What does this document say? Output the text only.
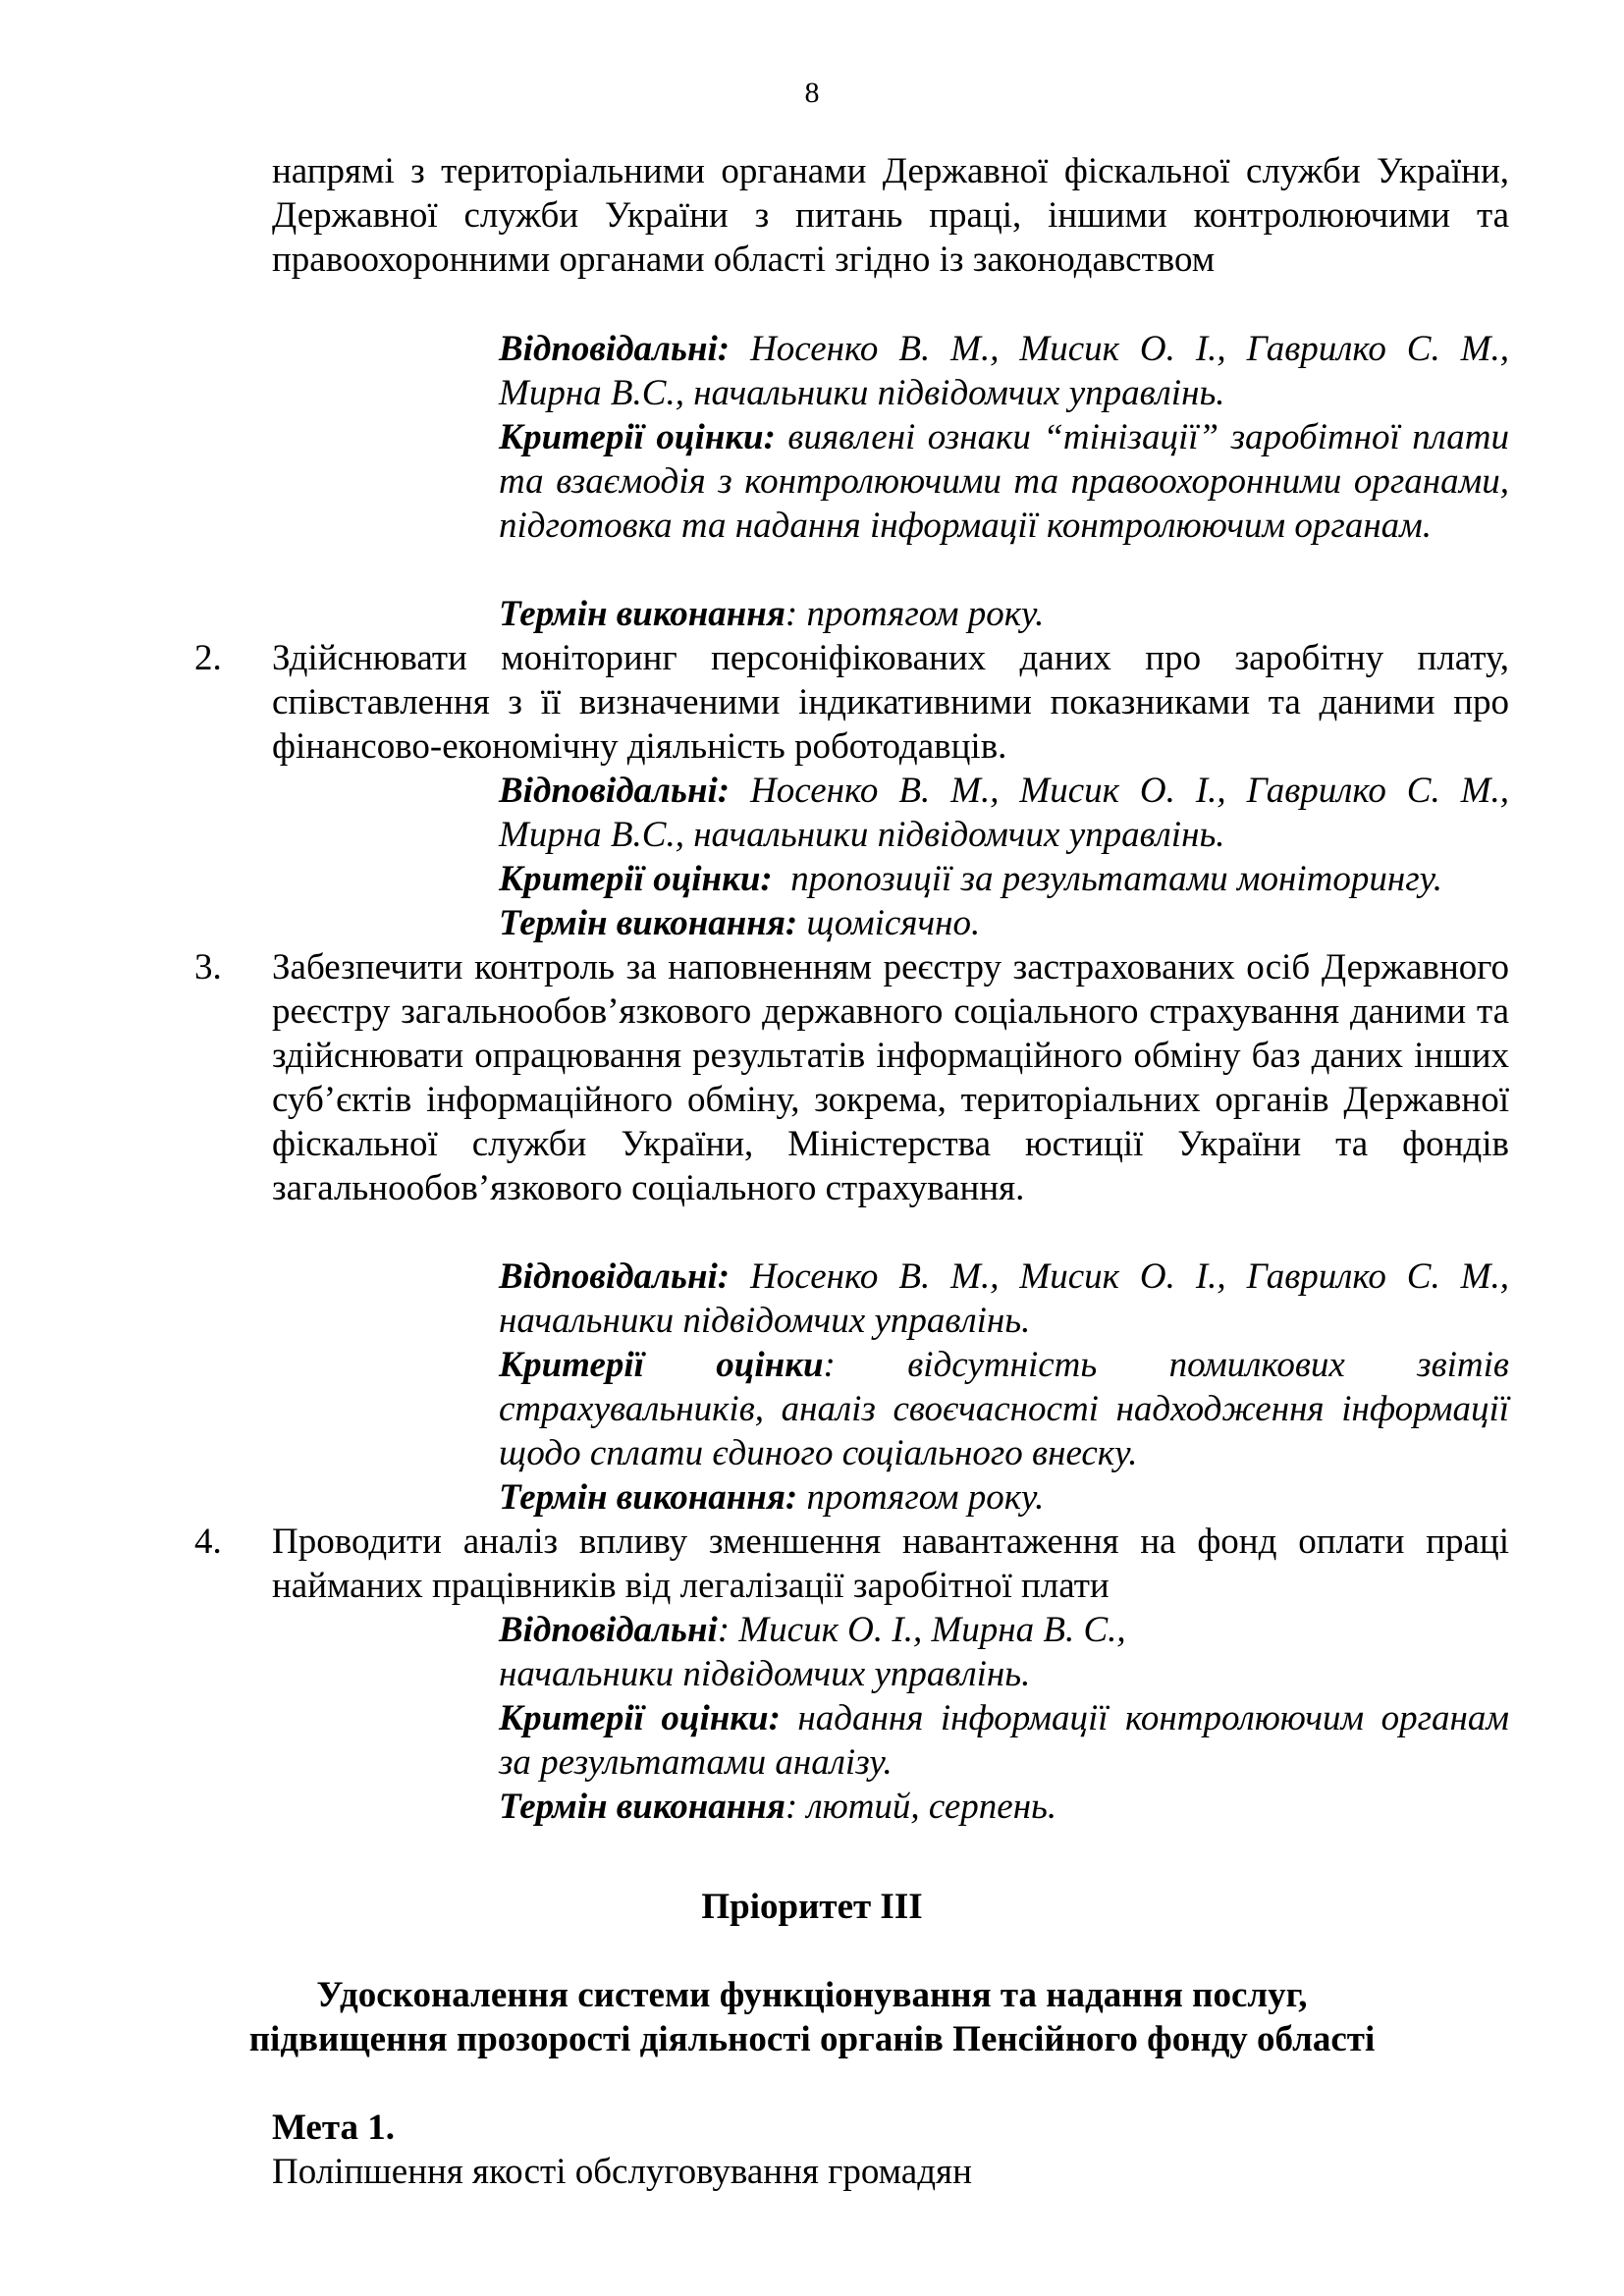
8
напрямі з територіальними органами Державної фіскальної служби України, Державної служби України з питань праці, іншими контролюючими та правоохоронними органами області згідно із законодавством
Відповідальні: Носенко В. М., Мисик О. І., Гаврилко С. М., Мирна В.С., начальники підвідомчих управлінь.
Критерії оцінки: виявлені ознаки “тінізації” заробітної плати та взаємодія з контролюючими та правоохоронними органами, підготовка та надання інформації контролюючим органам.
Термін виконання: протягом року.
2. Здійснювати моніторинг персоніфікованих даних про заробітну плату, співставлення з її визначеними індикативними показниками та даними про фінансово-економічну діяльність роботодавців.
Відповідальні: Носенко В. М., Мисик О. І., Гаврилко С. М., Мирна В.С., начальники підвідомчих управлінь.
Критерії оцінки: пропозиції за результатами моніторингу.
Термін виконання: щомісячно.
3. Забезпечити контроль за наповненням реєстру застрахованих осіб Державного реєстру загальнообов’язкового державного соціального страхування даними та здійснювати опрацювання результатів інформаційного обміну баз даних інших суб’єктів інформаційного обміну, зокрема, територіальних органів Державної фіскальної служби України, Міністерства юстиції України та фондів загальнообов’язкового соціального страхування.
Відповідальні: Носенко В. М., Мисик О. І., Гаврилко С. М., начальники підвідомчих управлінь.
Критерії оцінки: відсутність помилкових звітів страхувальників, аналіз своєчасності надходження інформації щодо сплати єдиного соціального внеску.
Термін виконання: протягом року.
4. Проводити аналіз впливу зменшення навантаження на фонд оплати праці найманих працівників від легалізації заробітної плати
Відповідальні: Мисик О. І., Мирна В. С.,
начальники підвідомчих управлінь.
Критерії оцінки: надання інформації контролюючим органам за результатами аналізу.
Термін виконання: лютий, серпень.
Пріоритет ІІІ
Удосконалення системи функціонування та надання послуг,
підвищення прозорості діяльності органів Пенсійного фонду області
Мета 1.
Поліпшення якості обслуговування громадян
